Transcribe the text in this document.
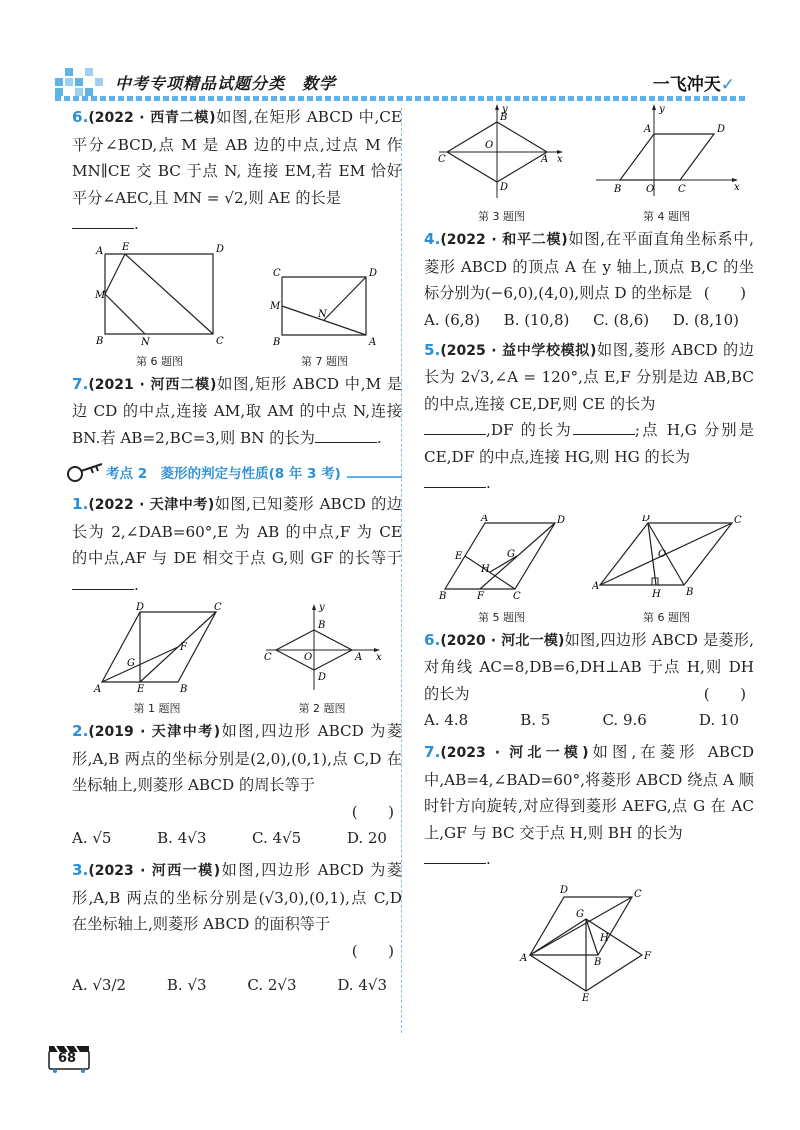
中考专项精品试题分类　数学	一飞冲天✓
6.(2022 · 西青二模)如图,在矩形 ABCD 中,CE 平分∠BCD,点 M 是 AB 边的中点,过点 M 作 MN∥CE 交 BC 于点 N, 连接 EM,若 EM 恰好平分∠AEC,且 MN = √2,则 AE 的长是
.
A E	D
M
B	N	C
第 6 题图
C	D
M
N
B	A
第 7 题图
7.(2021 · 河西二模)如图,矩形 ABCD 中,M 是边 CD 的中点,连接 AM,取 AM 的中点 N,连接 BN.若 AB=2,BC=3,则 BN 的长为	.
考点 2　菱形的判定与性质(8 年 3 考)
1.(2022 · 天津中考)如图,已知菱形 ABCD 的边长为 2,∠DAB=60°,E 为 AB 的中点,F 为 CE 的中点,AF 与 DE 相交于点 G,则 GF 的长等于.
A	E	B
D	C
G
F
第 1 题图
C
B
A
D
O	x
y
第 2 题图
2.(2019 · 天津中考)如图,四边形 ABCD 为菱形,A,B 两点的坐标分别是(2,0),(0,1),点 C,D 在坐标轴上,则菱形 ABCD 的周长等于

(　　)

A. √5	B. 4√3	C. 4√5	D. 20
3.(2023 · 河西一模)如图,四边形 ABCD 为菱形,A,B 两点的坐标分别是(√3,0),(0,1),点 C,D 在坐标轴上,则菱形 ABCD 的面积等于

(　　)

A. √3/2	B. √3	C. 2√3	D. 4√3
C
B
A
D
O
x
y
第 3 题图
B O C
A	D
x
y
第 4 题图
4.(2022 · 和平二模)如图,在平面直角坐标系中,菱形 ABCD 的顶点 A 在 y 轴上,顶点 B,C 的坐标分别为(−6,0),(4,0),则点 D 的坐标是 (　　)
A. (6,8) B. (10,8) C. (8,6) D. (8,10)
5.(2025 · 益中学校模拟)如图,菱形 ABCD 的边长为 2√3,∠A = 120°,点 E,F 分别是边 AB,BC 的中点,连接 CE,DF,则 CE 的长为
,DF 的长为	;点 H,G 分别是 CE,DF 的中点,连接 HG,则 HG 的长为
.
A	D
E
H
G
B	F	C
第 5 题图
D	C
O
A
H	B
第 6 题图
6.(2020 · 河北一模)如图,四边形 ABCD 是菱形,对角线 AC=8,DB=6,DH⊥AB 于点 H,则 DH 的长为	(　　)
A. 4.8	B. 5	C. 9.6	D. 10
7.(2023 · 河北一模)如图,在菱形 ABCD 中,AB=4,∠BAD=60°,将菱形 ABCD 绕点 A 顺时针方向旋转,对应得到菱形 AEFG,点 G 在 AC 上,GF 与 BC 交于点 H,则 BH 的长为
.
D	C
G
H
A	B
F
E
68
